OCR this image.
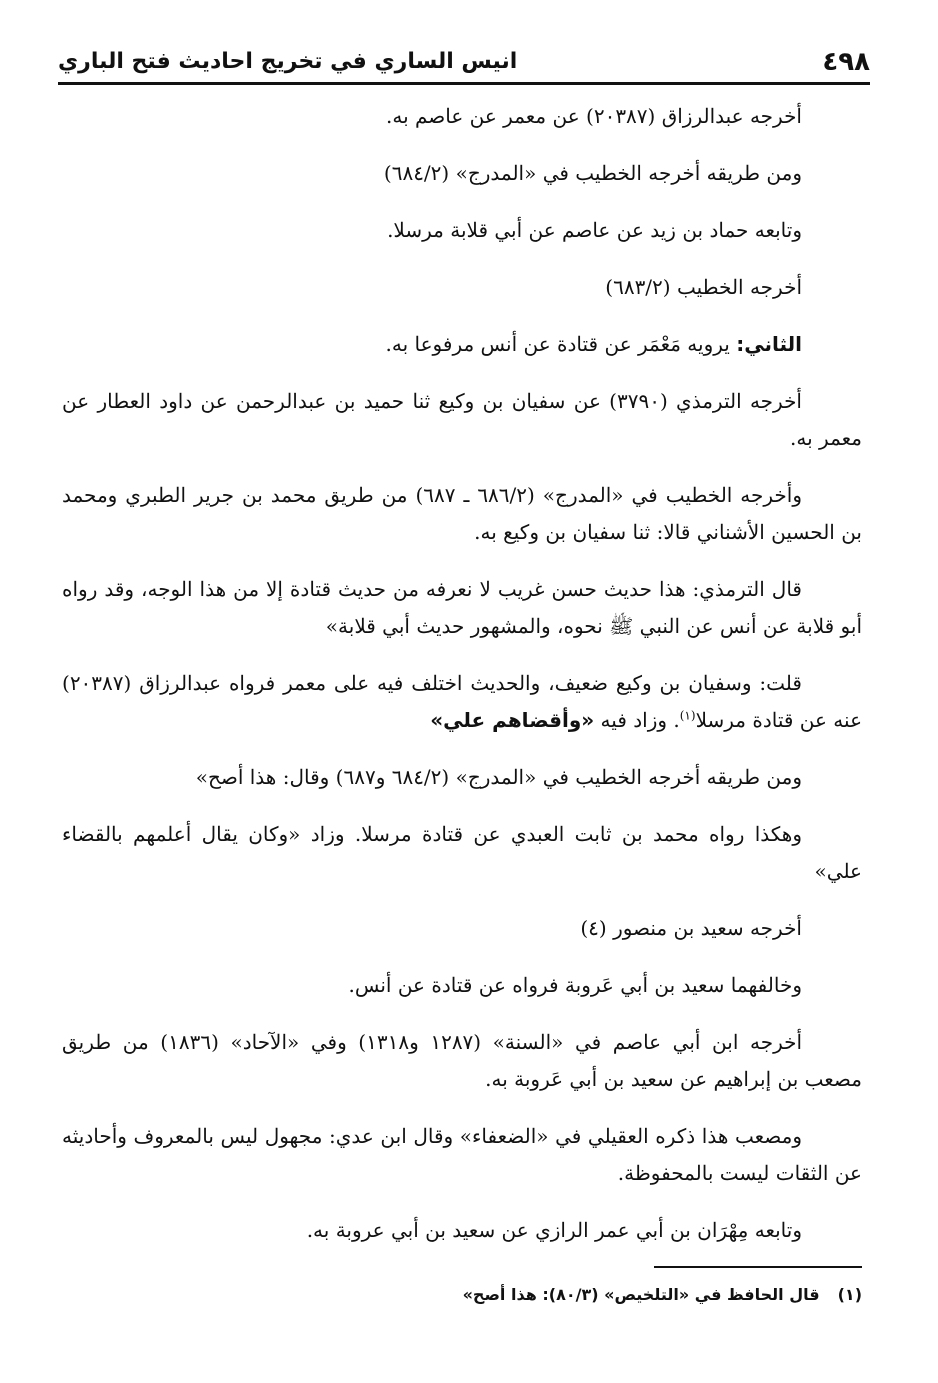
٤٩٨
انيس الساري في تخريج احاديث فتح الباري

أخرجه عبدالرزاق (٢٠٣٨٧) عن معمر عن عاصم به.

ومن طريقه أخرجه الخطيب في «المدرج» (٦٨٤/٢)

وتابعه حماد بن زيد عن عاصم عن أبي قلابة مرسلا.

أخرجه الخطيب (٦٨٣/٢)

الثاني: يرويه مَعْمَر عن قتادة عن أنس مرفوعا به.

أخرجه الترمذي (٣٧٩٠) عن سفيان بن وكيع ثنا حميد بن عبدالرحمن عن داود العطار عن معمر به.

وأخرجه الخطيب في «المدرج» (٦٨٦/٢ ـ ٦٨٧) من طريق محمد بن جرير الطبري ومحمد بن الحسين الأشناني قالا: ثنا سفيان بن وكيع به.

قال الترمذي: هذا حديث حسن غريب لا نعرفه من حديث قتادة إلا من هذا الوجه، وقد رواه أبو قلابة عن أنس عن النبي ﷺ نحوه، والمشهور حديث أبي قلابة»

قلت: وسفيان بن وكيع ضعيف، والحديث اختلف فيه على معمر فرواه عبدالرزاق (٢٠٣٨٧) عنه عن قتادة مرسلا$^{(١)}$. وزاد فيه «وأقضاهم علي»

ومن طريقه أخرجه الخطيب في «المدرج» (٦٨٤/٢ و٦٨٧) وقال: هذا أصح»

وهكذا رواه محمد بن ثابت العبدي عن قتادة مرسلا. وزاد «وكان يقال أعلمهم بالقضاء علي»

أخرجه سعيد بن منصور (٤)

وخالفهما سعيد بن أبي عَروبة فرواه عن قتادة عن أنس.

أخرجه ابن أبي عاصم في «السنة» (١٢٨٧ و١٣١٨) وفي «الآحاد» (١٨٣٦) من طريق مصعب بن إبراهيم عن سعيد بن أبي عَروبة به.

ومصعب هذا ذكره العقيلي في «الضعفاء» وقال ابن عدي: مجهول ليس بالمعروف وأحاديثه عن الثقات ليست بالمحفوظة.

وتابعه مِهْرَان بن أبي عمر الرازي عن سعيد بن أبي عروبة به.

(١)قال الحافظ في «التلخيص» (٨٠/٣): هذا أصح»
